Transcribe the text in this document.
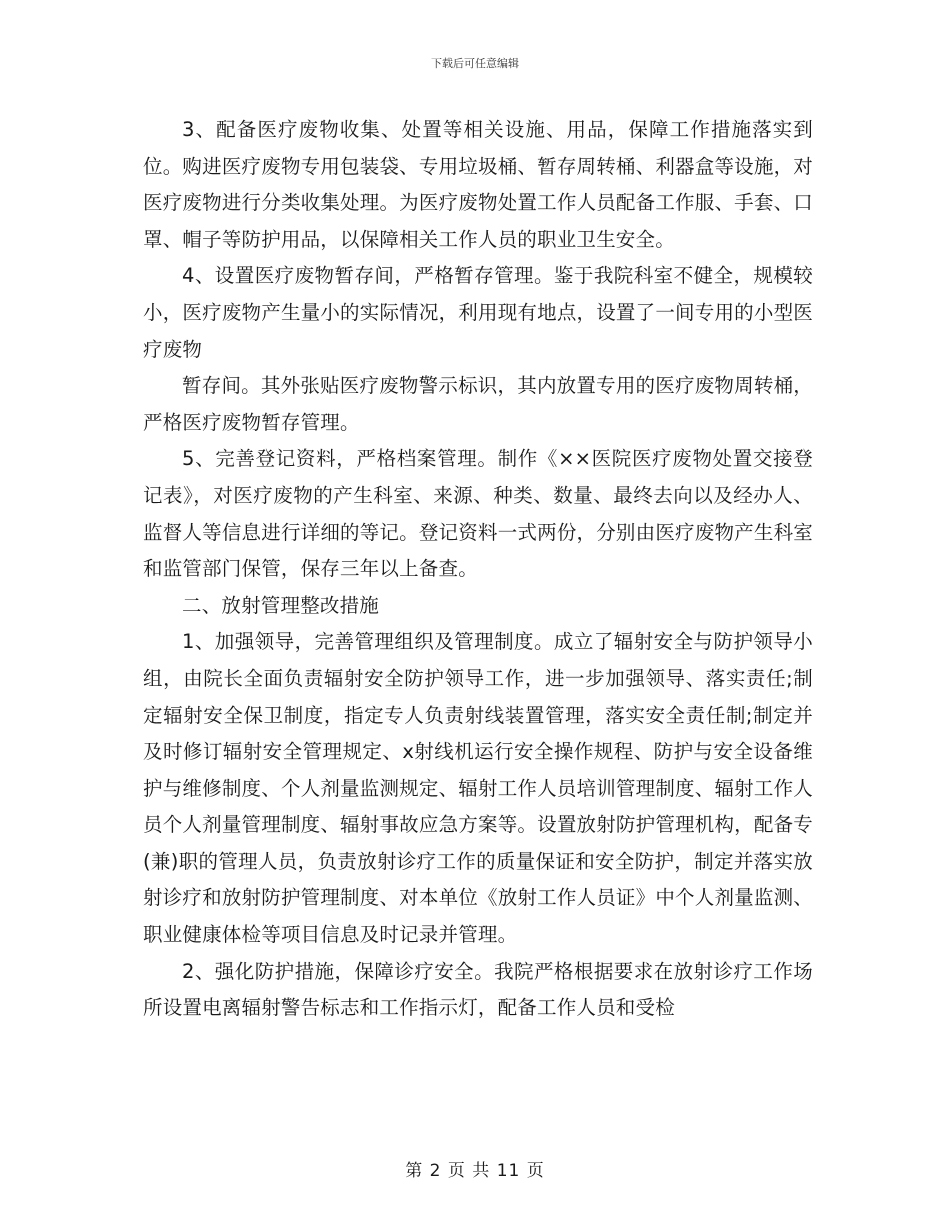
下载后可任意编辑

3、配备医疗废物收集、处置等相关设施、用品，保障工作措施落实到位。购进医疗废物专用包装袋、专用垃圾桶、暂存周转桶、利器盒等设施，对医疗废物进行分类收集处理。为医疗废物处置工作人员配备工作服、手套、口罩、帽子等防护用品，以保障相关工作人员的职业卫生安全。

4、设置医疗废物暂存间，严格暂存管理。鉴于我院科室不健全，规模较小，医疗废物产生量小的实际情况，利用现有地点，设置了一间专用的小型医疗废物

暂存间。其外张贴医疗废物警示标识，其内放置专用的医疗废物周转桶，严格医疗废物暂存管理。

5、完善登记资料，严格档案管理。制作《××医院医疗废物处置交接登记表》，对医疗废物的产生科室、来源、种类、数量、最终去向以及经办人、监督人等信息进行详细的等记。登记资料一式两份，分别由医疗废物产生科室和监管部门保管，保存三年以上备查。

二、放射管理整改措施

1、加强领导，完善管理组织及管理制度。成立了辐射安全与防护领导小组，由院长全面负责辐射安全防护领导工作，进一步加强领导、落实责任;制定辐射安全保卫制度，指定专人负责射线装置管理，落实安全责任制;制定并及时修订辐射安全管理规定、x射线机运行安全操作规程、防护与安全设备维护与维修制度、个人剂量监测规定、辐射工作人员培训管理制度、辐射工作人员个人剂量管理制度、辐射事故应急方案等。设置放射防护管理机构，配备专(兼)职的管理人员，负责放射诊疗工作的质量保证和安全防护，制定并落实放射诊疗和放射防护管理制度、对本单位《放射工作人员证》中个人剂量监测、职业健康体检等项目信息及时记录并管理。

2、强化防护措施，保障诊疗安全。我院严格根据要求在放射诊疗工作场所设置电离辐射警告标志和工作指示灯，配备工作人员和受检

第 2 页 共 11 页
